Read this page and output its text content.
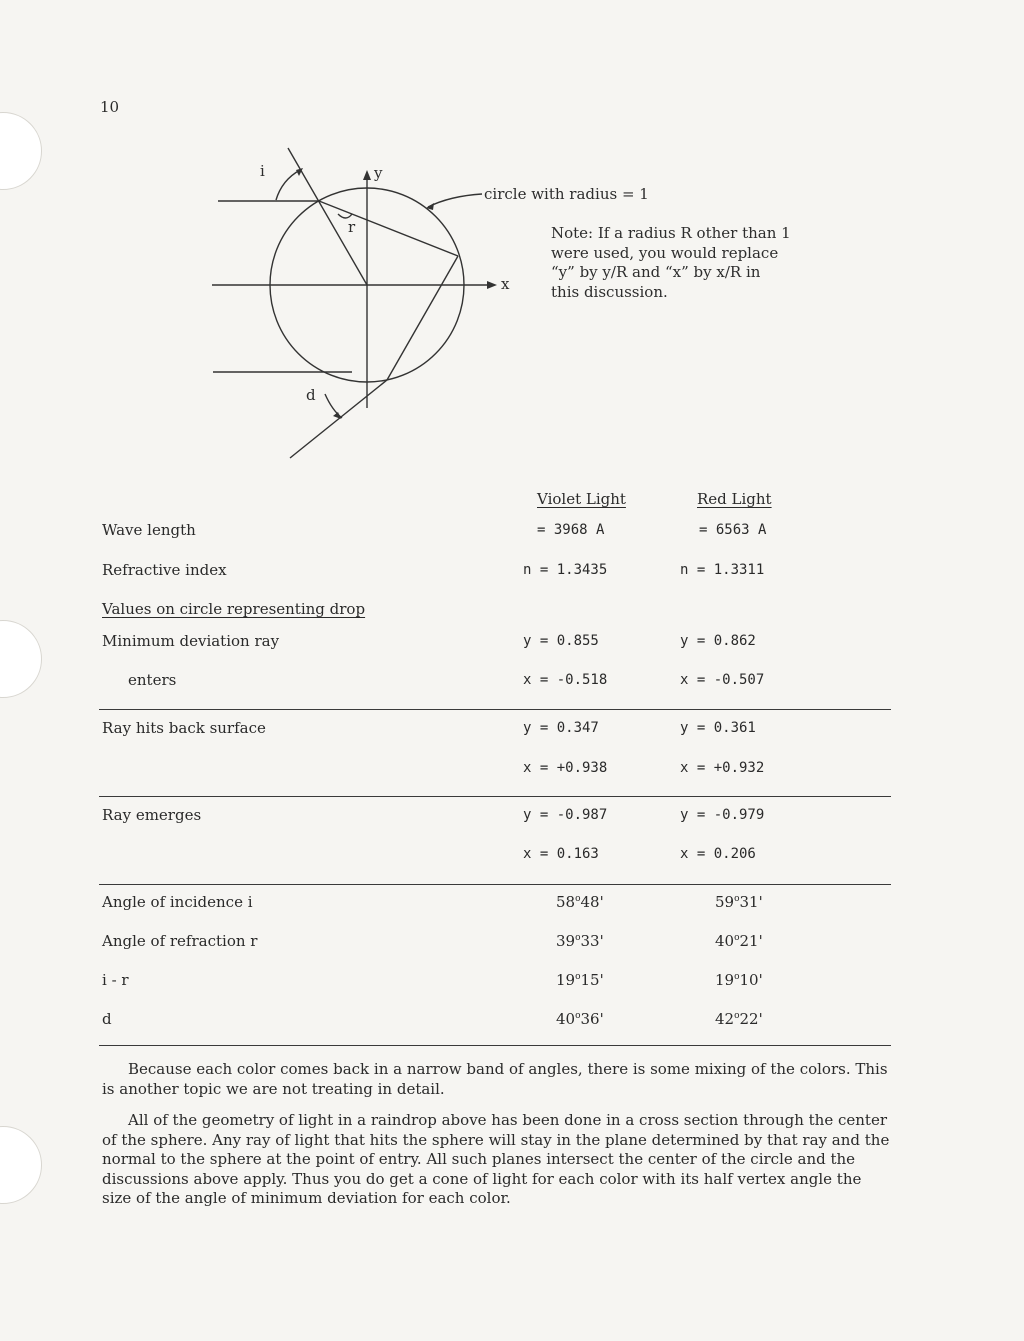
10
i	y
r
x
d
circle with radius = 1
Note: If a radius R other than 1 were used, you would replace “y” by y/R and “x” by x/R in this discussion.
Violet Light	Red Light
Wave length	= 3968 A	= 6563 A
Refractive index	n = 1.3435	n = 1.3311
Values on circle representing drop
Minimum deviation ray	y = 0.855	y = 0.862
enters	x = -0.518	x = -0.507
Ray hits back surface	y = 0.347	y = 0.361
x = +0.938	x = +0.932
Ray emerges	y = -0.987	y = -0.979
x = 0.163	x = 0.206
Angle of incidence i	58$^o$48'	59$^o$31'
Angle of refraction r	39$^o$33'	40$^o$21'
i - r	19$^o$15'	19$^o$10'
d	40$^o$36'	42$^o$22'
Because each color comes back in a narrow band of angles, there is some mixing of the colors. This is another topic we are not treating in detail.
All of the geometry of light in a raindrop above has been done in a cross section through the center of the sphere. Any ray of light that hits the sphere will stay in the plane determined by that ray and the normal to the sphere at the point of entry. All such planes intersect the center of the circle and the discussions above apply. Thus you do get a cone of light for each color with its half vertex angle the size of the angle of minimum deviation for each color.
